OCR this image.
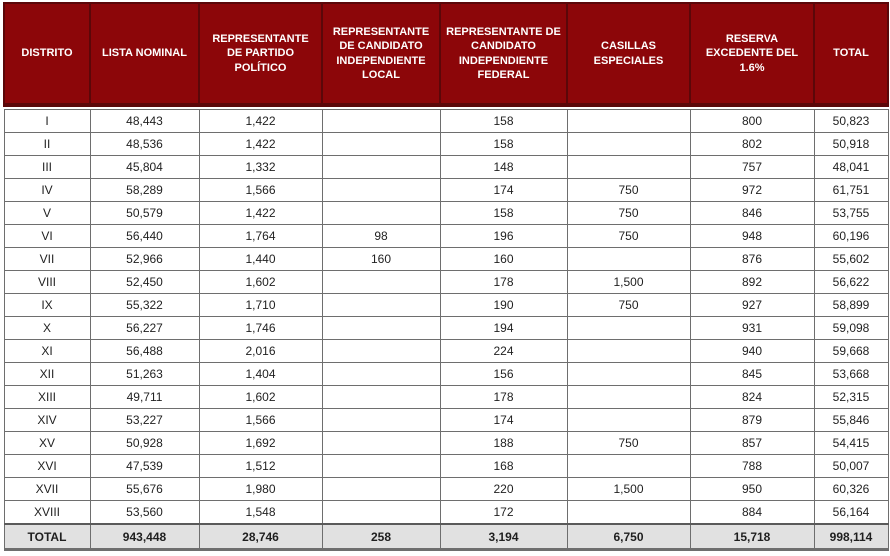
DISTRITO	LISTA NOMINAL	REPRESENTANTE DE PARTIDO POLÍTICO	REPRESENTANTE DE CANDIDATO INDEPENDIENTE LOCAL	REPRESENTANTE DE CANDIDATO INDEPENDIENTE FEDERAL	CASILLAS ESPECIALES	RESERVA EXCEDENTE DEL 1.6%	TOTAL

I	48,443	1,422		158		800	50,823
II	48,536	1,422		158		802	50,918
III	45,804	1,332		148		757	48,041
IV	58,289	1,566		174	750	972	61,751
V	50,579	1,422		158	750	846	53,755
VI	56,440	1,764	98	196	750	948	60,196
VII	52,966	1,440	160	160		876	55,602
VIII	52,450	1,602		178	1,500	892	56,622
IX	55,322	1,710		190	750	927	58,899
X	56,227	1,746		194		931	59,098
XI	56,488	2,016		224		940	59,668
XII	51,263	1,404		156		845	53,668
XIII	49,711	1,602		178		824	52,315
XIV	53,227	1,566		174		879	55,846
XV	50,928	1,692		188	750	857	54,415
XVI	47,539	1,512		168		788	50,007
XVII	55,676	1,980		220	1,500	950	60,326
XVIII	53,560	1,548		172		884	56,164
TOTAL	943,448	28,746	258	3,194	6,750	15,718	998,114
